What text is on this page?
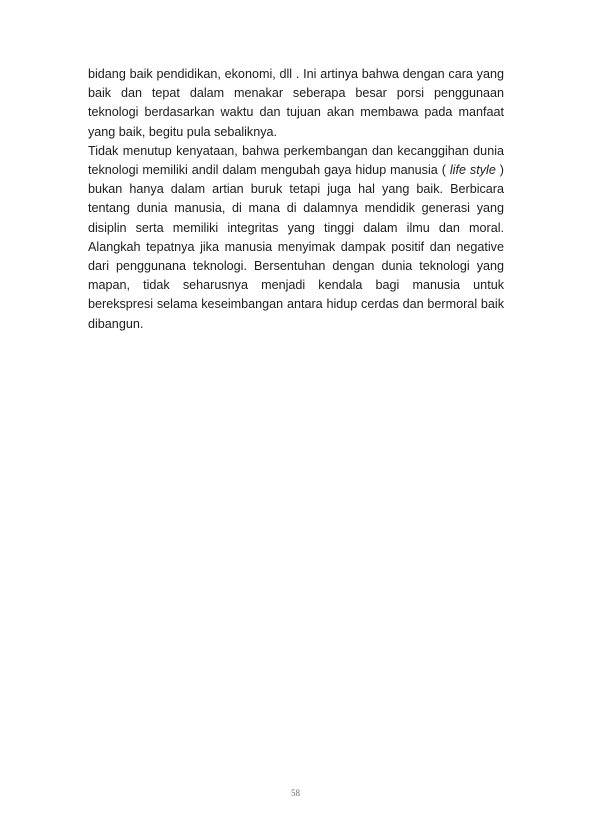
bidang baik pendidikan, ekonomi, dll . Ini artinya bahwa dengan cara yang baik dan tepat dalam menakar seberapa besar porsi penggunaan teknologi berdasarkan waktu dan tujuan akan membawa pada manfaat yang baik, begitu pula sebaliknya.

Tidak menutup kenyataan, bahwa perkembangan dan kecanggihan dunia teknologi memiliki andil dalam mengubah gaya hidup manusia ( life style ) bukan hanya dalam artian buruk tetapi juga hal yang baik. Berbicara tentang dunia manusia, di mana di dalamnya mendidik generasi yang disiplin serta memiliki integritas yang tinggi dalam ilmu dan moral. Alangkah tepatnya jika manusia menyimak dampak positif dan negative dari penggunana teknologi. Bersentuhan dengan dunia teknologi yang mapan, tidak seharusnya menjadi kendala bagi manusia untuk berekspresi selama keseimbangan antara hidup cerdas dan bermoral baik dibangun.

58
